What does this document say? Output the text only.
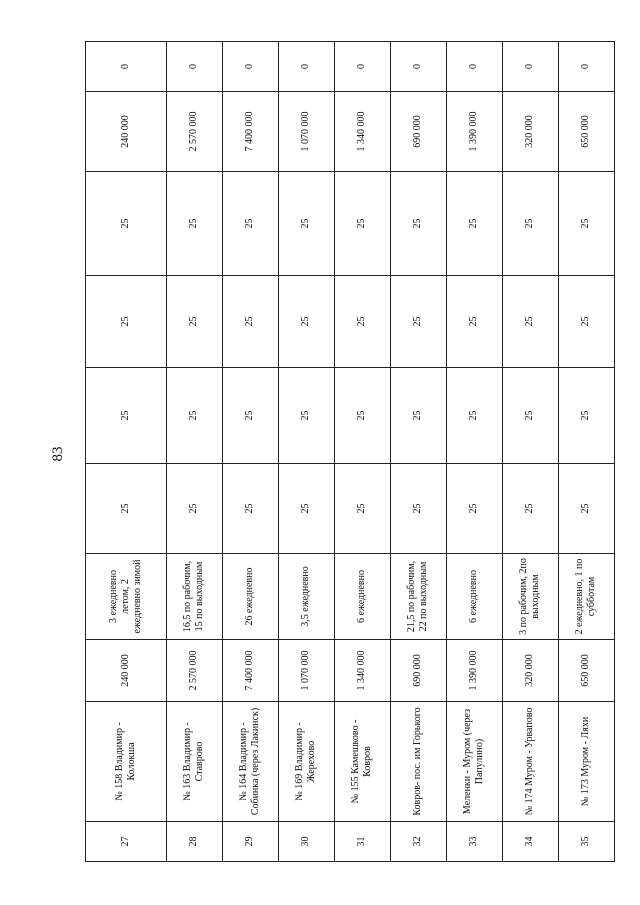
83
27	№ 158 Владимир - Колокша	240 000	3 ежедневно летом, 2 ежедневно зимой	25	25	25	25	240 000	0
28	№ 163 Владимир - Ставрово	2 570 000	16,5 по рабочим, 15 по выходным	25	25	25	25	2 570 000	0
29	№ 164 Владимир - Собинка (через Лакинск)	7 400 000	26 ежедневно	25	25	25	25	7 400 000	0
30	№ 169 Владимир - Жерехово	1 070 000	3,5 ежедневно	25	25	25	25	1 070 000	0
31	№ 155 Камешково - Ковров	1 340 000	6 ежедневно	25	25	25	25	1 340 000	0
32	Ковров- пос. им Горького	690 000	21,5 по рабочим, 22 по выходным	25	25	25	25	690 000	0
33	Меленки - Муром (через Папулино)	1 390 000	6 ежедневно	25	25	25	25	1 390 000	0
34	№ 174 Муром - Урвапово	320 000	3 по рабочим, 2по выходным	25	25	25	25	320 000	0
35	№ 173 Муром - Ляхи	650 000	2 ежедневно, 1 по субботам	25	25	25	25	650 000	0
